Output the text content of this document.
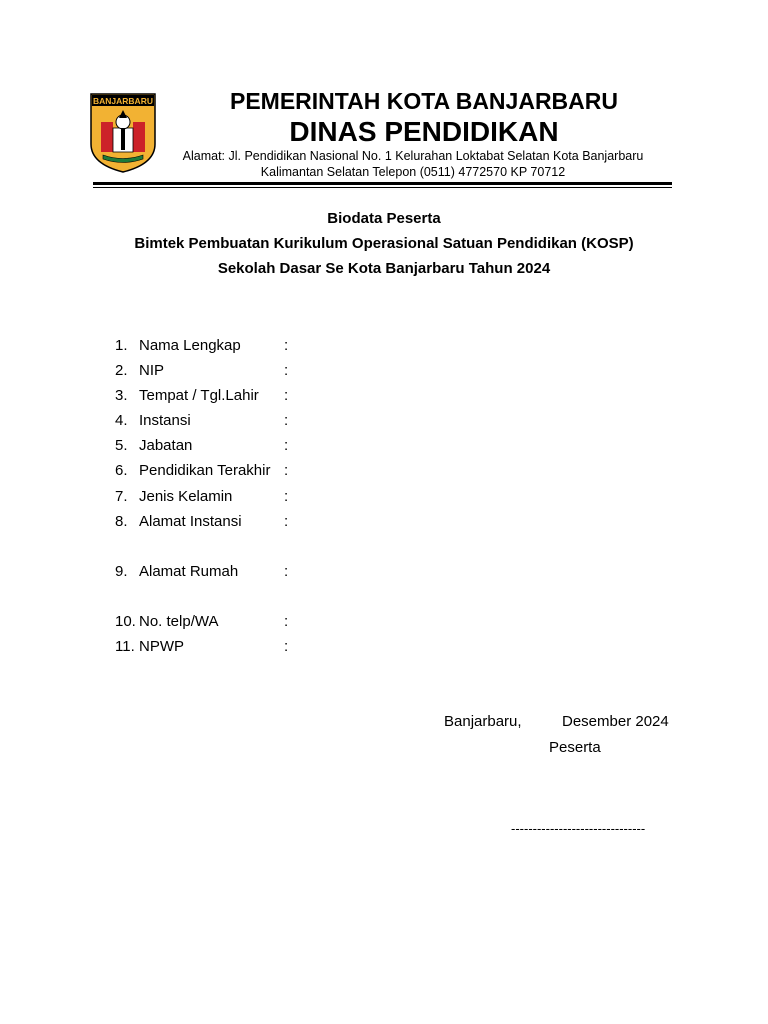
BANJARBARU	PEMERINTAH KOTA BANJARBARU
DINAS PENDIDIKAN
Alamat: Jl. Pendidikan Nasional No. 1 Kelurahan Loktabat Selatan Kota Banjarbaru
Kalimantan Selatan Telepon (0511) 4772570 KP 70712
Biodata Peserta
Bimtek Pembuatan Kurikulum Operasional Satuan Pendidikan (KOSP)
Sekolah Dasar Se Kota Banjarbaru Tahun 2024
1. Nama Lengkap	:
2. NIP	:
3. Tempat / Tgl.Lahir :
4. Instansi	:
5. Jabatan	:
6. Pendidikan Terakhir :
7. Jenis Kelamin	:
8. Alamat Instansi	:
9. Alamat Rumah	:
10. No. telp/WA	:
11. NPWP	:
Banjarbaru,	Desember 2024
Peserta
-------------------------------
